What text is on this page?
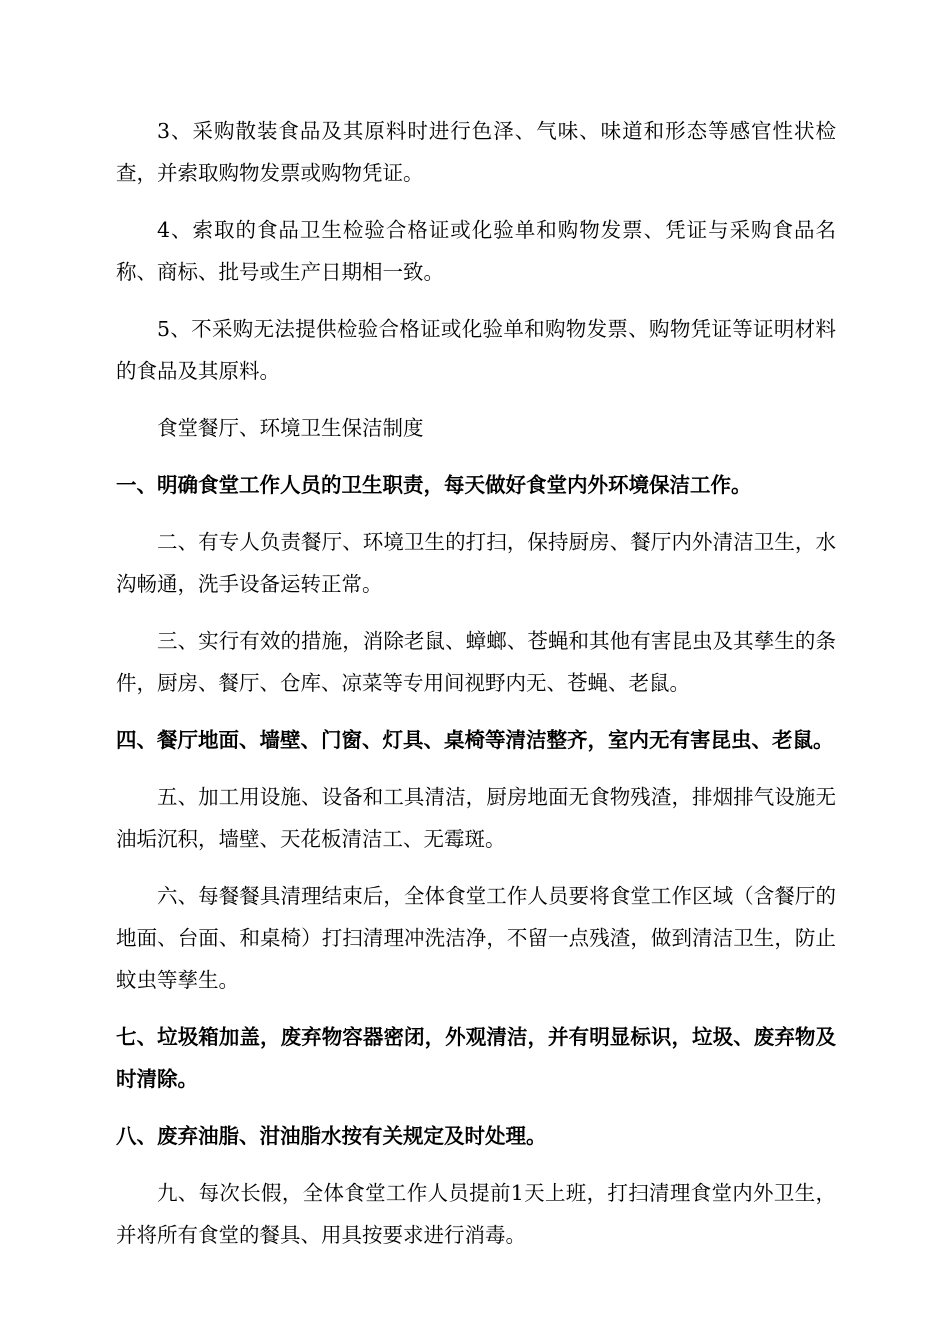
3、采购散装食品及其原料时进行色泽、气味、味道和形态等感官性状检查，并索取购物发票或购物凭证。

4、索取的食品卫生检验合格证或化验单和购物发票、凭证与采购食品名称、商标、批号或生产日期相一致。

5、不采购无法提供检验合格证或化验单和购物发票、购物凭证等证明材料的食品及其原料。

食堂餐厅、环境卫生保洁制度

一、明确食堂工作人员的卫生职责，每天做好食堂内外环境保洁工作。

二、有专人负责餐厅、环境卫生的打扫，保持厨房、餐厅内外清洁卫生，水沟畅通，洗手设备运转正常。

三、实行有效的措施，消除老鼠、蟑螂、苍蝇和其他有害昆虫及其孳生的条件，厨房、餐厅、仓库、凉菜等专用间视野内无、苍蝇、老鼠。

四、餐厅地面、墙壁、门窗、灯具、桌椅等清洁整齐，室内无有害昆虫、老鼠。

五、加工用设施、设备和工具清洁，厨房地面无食物残渣，排烟排气设施无油垢沉积，墙壁、天花板清洁工、无霉斑。

六、每餐餐具清理结束后，全体食堂工作人员要将食堂工作区域（含餐厅的地面、台面、和桌椅）打扫清理冲洗洁净，不留一点残渣，做到清洁卫生，防止蚊虫等孳生。

七、垃圾箱加盖，废弃物容器密闭，外观清洁，并有明显标识，垃圾、废弃物及时清除。

八、废弃油脂、泔油脂水按有关规定及时处理。

九、每次长假，全体食堂工作人员提前1天上班，打扫清理食堂内外卫生，并将所有食堂的餐具、用具按要求进行消毒。
